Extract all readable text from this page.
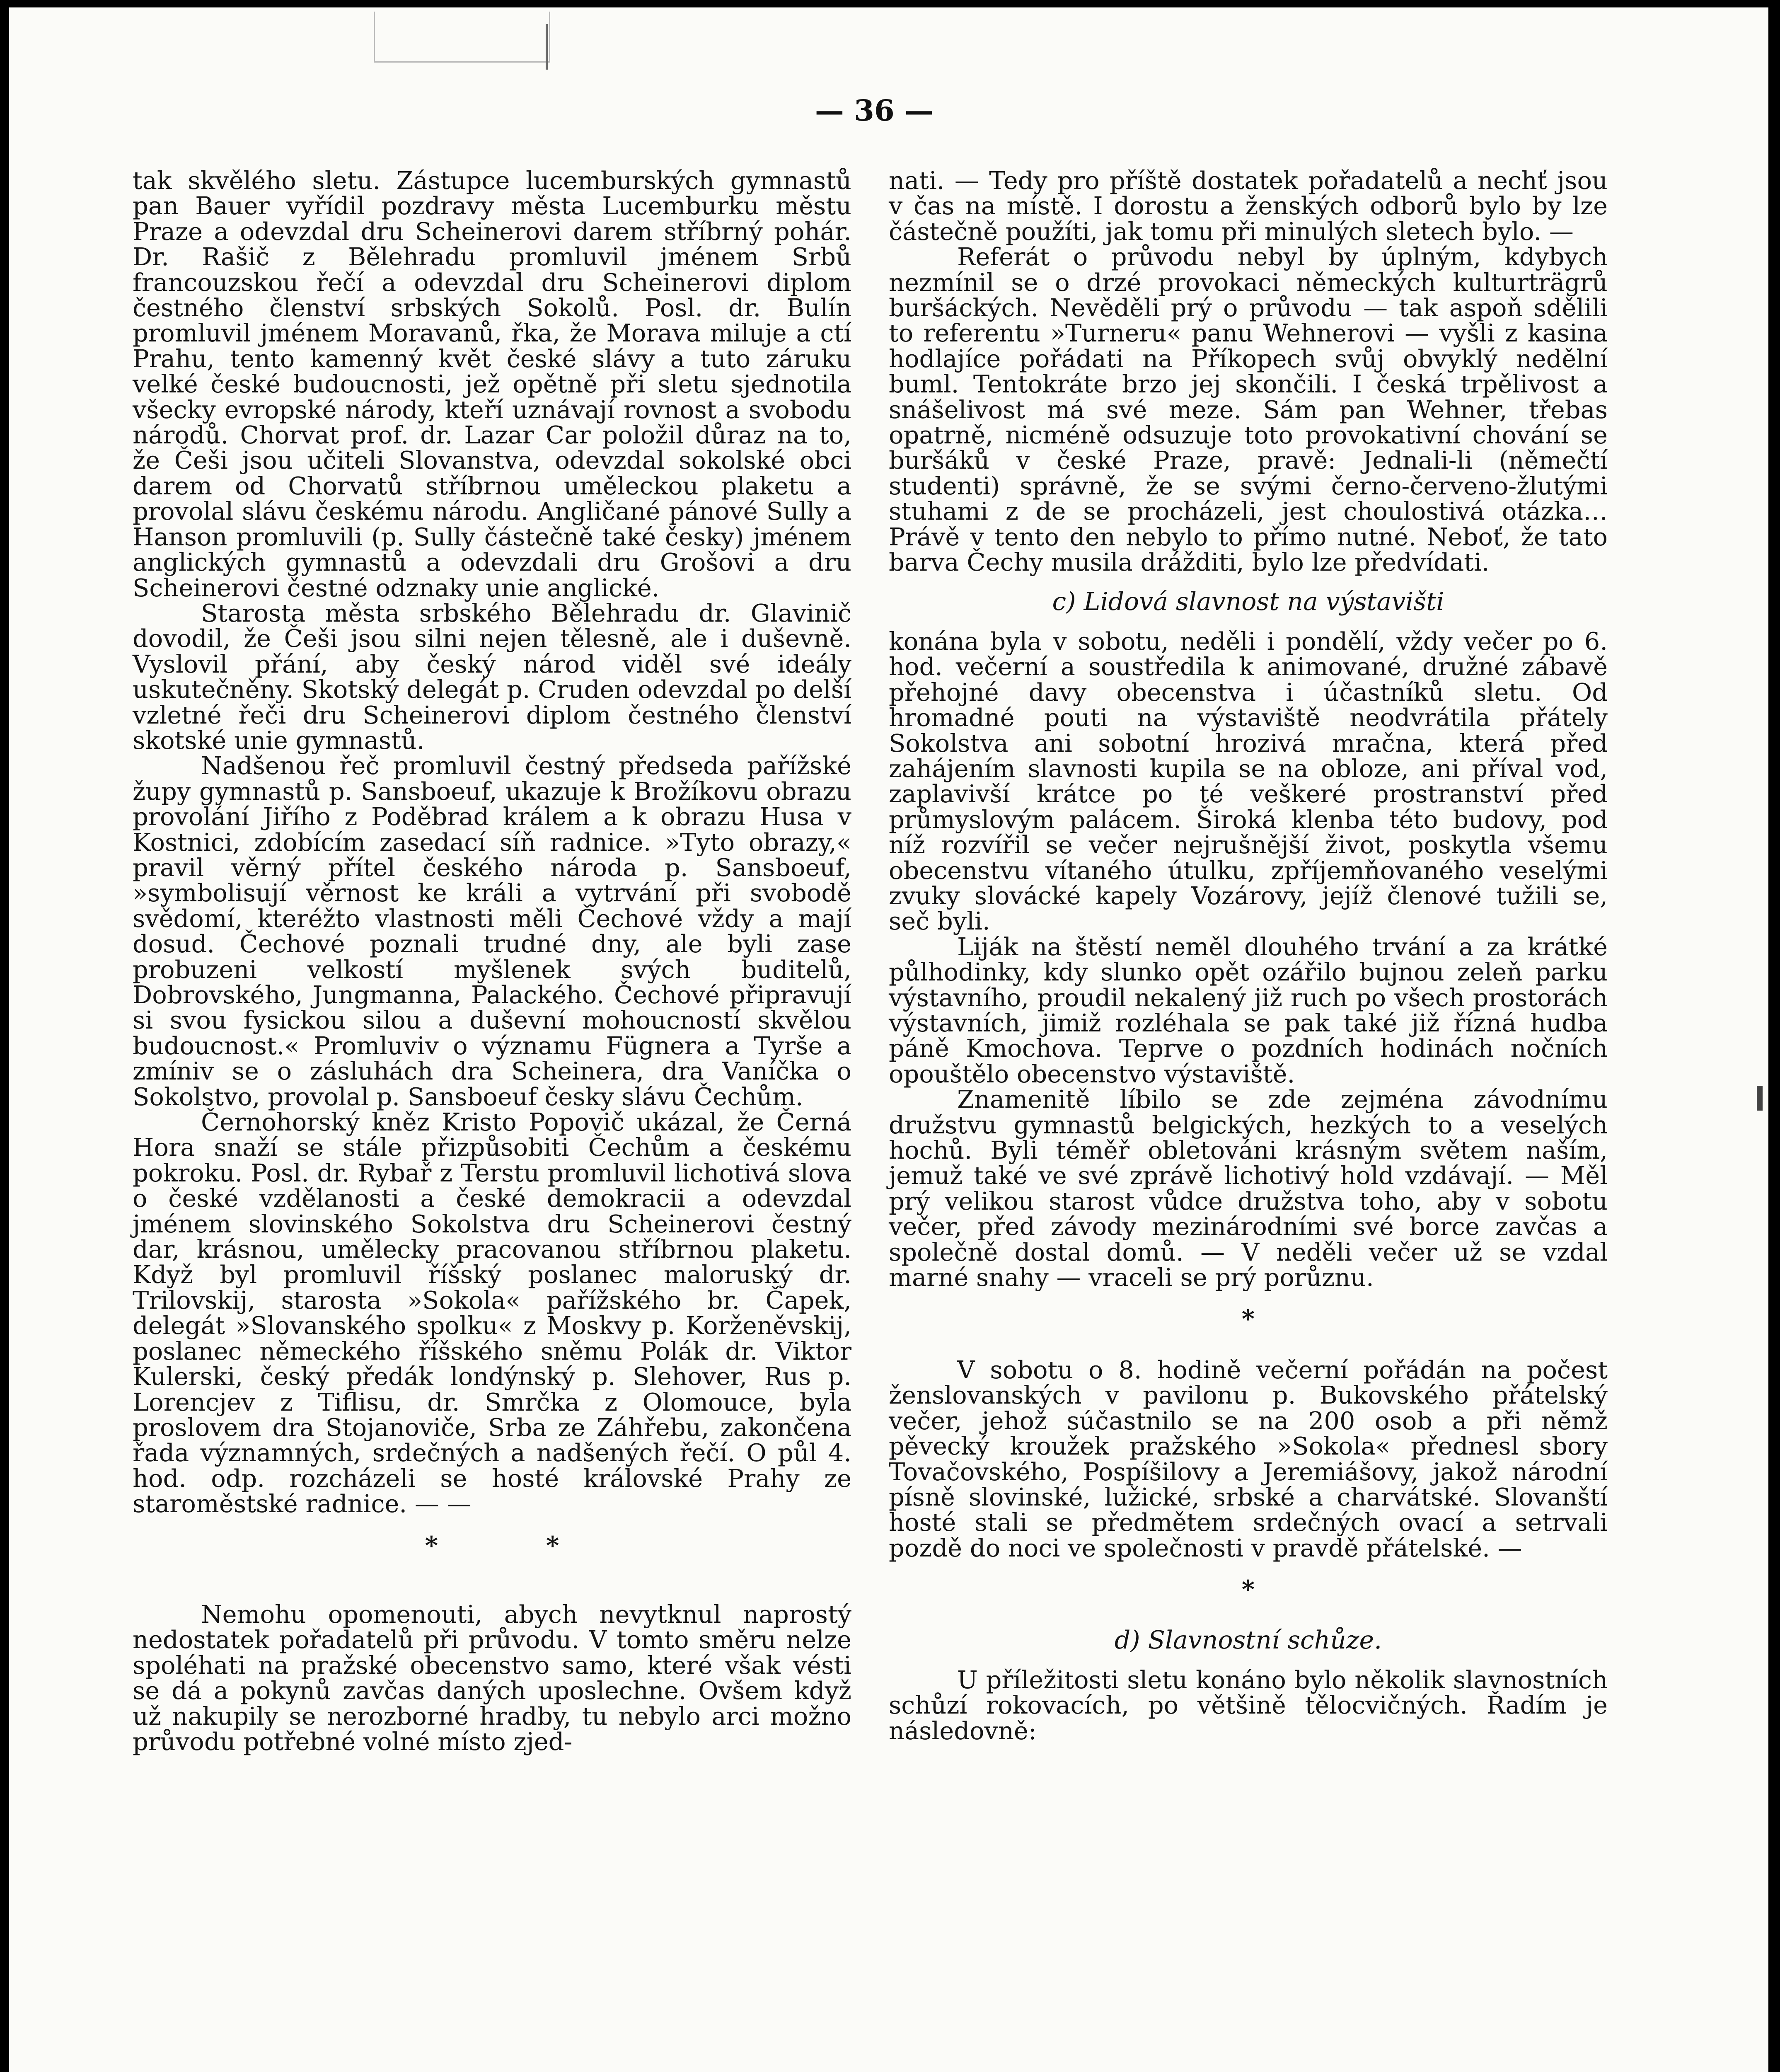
— 36 —

tak skvělého sletu. Zástupce lucemburských gymnastů pan Bauer vyřídil pozdravy města Lucemburku městu Praze a odevzdal dru Scheinerovi darem stříbrný pohár. Dr. Rašič z Bělehradu promluvil jménem Srbů francouzskou řečí a odevzdal dru Scheinerovi diplom čestného členství srbských Sokolů. Posl. dr. Bulín promluvil jménem Moravanů, řka, že Morava miluje a ctí Prahu, tento kamenný květ české slávy a tuto záruku velké české budoucnosti, jež opětně při sletu sjednotila všecky evropské národy, kteří uznávají rovnost a svobodu národů. Chorvat prof. dr. Lazar Car položil důraz na to, že Češi jsou učiteli Slovanstva, odevzdal sokolské obci darem od Chorvatů stříbrnou uměleckou plaketu a provolal slávu českému národu. Angličané pánové Sully a Hanson promluvili (p. Sully částečně také česky) jménem anglických gymnastů a odevzdali dru Grošovi a dru Scheinerovi čestné odznaky unie anglické.

Starosta města srbského Bělehradu dr. Glavinič dovodil, že Češi jsou silni nejen tělesně, ale i duševně. Vyslovil přání, aby český národ viděl své ideály uskutečněny. Skotský delegát p. Cruden odevzdal po delší vzletné řeči dru Scheinerovi diplom čestného členství skotské unie gymnastů.

Nadšenou řeč promluvil čestný předseda pařížské župy gymnastů p. Sansboeuf, ukazuje k Brožíkovu obrazu provolání Jiřího z Poděbrad králem a k obrazu Husa v Kostnici, zdobícím zasedací síň radnice. »Tyto obrazy,« pravil věrný přítel českého národa p. Sansboeuf, »symbolisují věrnost ke králi a vytrvání při svobodě svědomí, kteréžto vlastnosti měli Čechové vždy a mají dosud. Čechové poznali trudné dny, ale byli zase probuzeni velkostí myšlenek svých buditelů, Dobrovského, Jungmanna, Palackého. Čechové připravují si svou fysickou silou a duševní mohoucností skvělou budoucnost.« Promluviv o významu Fügnera a Tyrše a zmíniv se o zásluhách dra Scheinera, dra Vaníčka o Sokolstvo, provolal p. Sansboeuf česky slávu Čechům.

Černohorský kněz Kristo Popovič ukázal, že Černá Hora snaží se stále přizpůsobiti Čechům a českému pokroku. Posl. dr. Rybař z Terstu promluvil lichotivá slova o české vzdělanosti a české demokracii a odevzdal jménem slovinského Sokolstva dru Scheinerovi čestný dar, krásnou, umělecky pracovanou stříbrnou plaketu. Když byl promluvil říšský poslanec maloruský dr. Trilovskij, starosta »Sokola« pařížského br. Čapek, delegát »Slovanského spolku« z Moskvy p. Korženěvskij, poslanec německého říšského sněmu Polák dr. Viktor Kulerski, český předák londýnský p. Slehover, Rus p. Lorencjev z Tiflisu, dr. Smrčka z Olomouce, byla proslovem dra Stojanoviče, Srba ze Záhřebu, zakončena řada významných, srdečných a nadšených řečí. O půl 4. hod. odp. rozcházeli se hosté královské Prahy ze staroměstské radnice. — —

* *

Nemohu opomenouti, abych nevytknul naprostý nedostatek pořadatelů při průvodu. V tomto směru nelze spoléhati na pražské obecenstvo samo, které však vésti se dá a pokynů zavčas daných uposlechne. Ovšem když už nakupily se nerozborné hradby, tu nebylo arci možno průvodu potřebné volné místo zjed-

nati. — Tedy pro příště dostatek pořadatelů a nechť jsou v čas na místě. I dorostu a ženských odborů bylo by lze částečně použíti, jak tomu při minulých sletech bylo. —

Referát o průvodu nebyl by úplným, kdybych nezmínil se o drzé provokaci německých kulturträgrů buršáckých. Nevěděli prý o průvodu — tak aspoň sdělili to referentu »Turneru« panu Wehnerovi — vyšli z kasina hodlajíce pořádati na Příkopech svůj obvyklý nedělní buml. Tentokráte brzo jej skončili. I česká trpělivost a snášelivost má své meze. Sám pan Wehner, třebas opatrně, nicméně odsuzuje toto provokativní chování se buršáků v české Praze, pravě: Jednali-li (němečtí studenti) správně, že se svými černo-červeno-žlutými stuhami z de se procházeli, jest choulostivá otázka… Právě v tento den nebylo to přímo nutné. Neboť, že tato barva Čechy musila drážditi, bylo lze předvídati.

c) Lidová slavnost na výstavišti

konána byla v sobotu, neděli i pondělí, vždy večer po 6. hod. večerní a soustředila k animované, družné zábavě přehojné davy obecenstva i účastníků sletu. Od hromadné pouti na výstaviště neodvrátila přátely Sokolstva ani sobotní hrozivá mračna, která před zahájením slavnosti kupila se na obloze, ani příval vod, zaplavivší krátce po té veškeré prostranství před průmyslovým palácem. Široká klenba této budovy, pod níž rozvířil se večer nejrušnější život, poskytla všemu obecenstvu vítaného útulku, zpříjemňovaného veselými zvuky slovácké kapely Vozárovy, jejíž členové tužili se, seč byli.

Liják na štěstí neměl dlouhého trvání a za krátké půlhodinky, kdy slunko opět ozářilo bujnou zeleň parku výstavního, proudil nekalený již ruch po všech prostorách výstavních, jimiž rozléhala se pak také již řízná hudba páně Kmochova. Teprve o pozdních hodinách nočních opouštělo obecenstvo výstaviště.

Znamenitě líbilo se zde zejména závodnímu družstvu gymnastů belgických, hezkých to a veselých hochů. Byli téměř obletováni krásným světem naším, jemuž také ve své zprávě lichotivý hold vzdávají. — Měl prý velikou starost vůdce družstva toho, aby v sobotu večer, před závody mezinárodními své borce zavčas a společně dostal domů. — V neděli večer už se vzdal marné snahy — vraceli se prý porůznu.

*

V sobotu o 8. hodině večerní pořádán na počest ženslovanských v pavilonu p. Bukovského přátelský večer, jehož súčastnilo se na 200 osob a při němž pěvecký kroužek pražského »Sokola« přednesl sbory Tovačovského, Pospíšilovy a Jeremiášovy, jakož národní písně slovinské, lužické, srbské a charvátské. Slovanští hosté stali se předmětem srdečných ovací a setrvali pozdě do noci ve společnosti v pravdě přátelské. —

*
d) Slavnostní schůze.

U příležitosti sletu konáno bylo několik slavnostních schůzí rokovacích, po většině tělocvičných. Řadím je následovně:
